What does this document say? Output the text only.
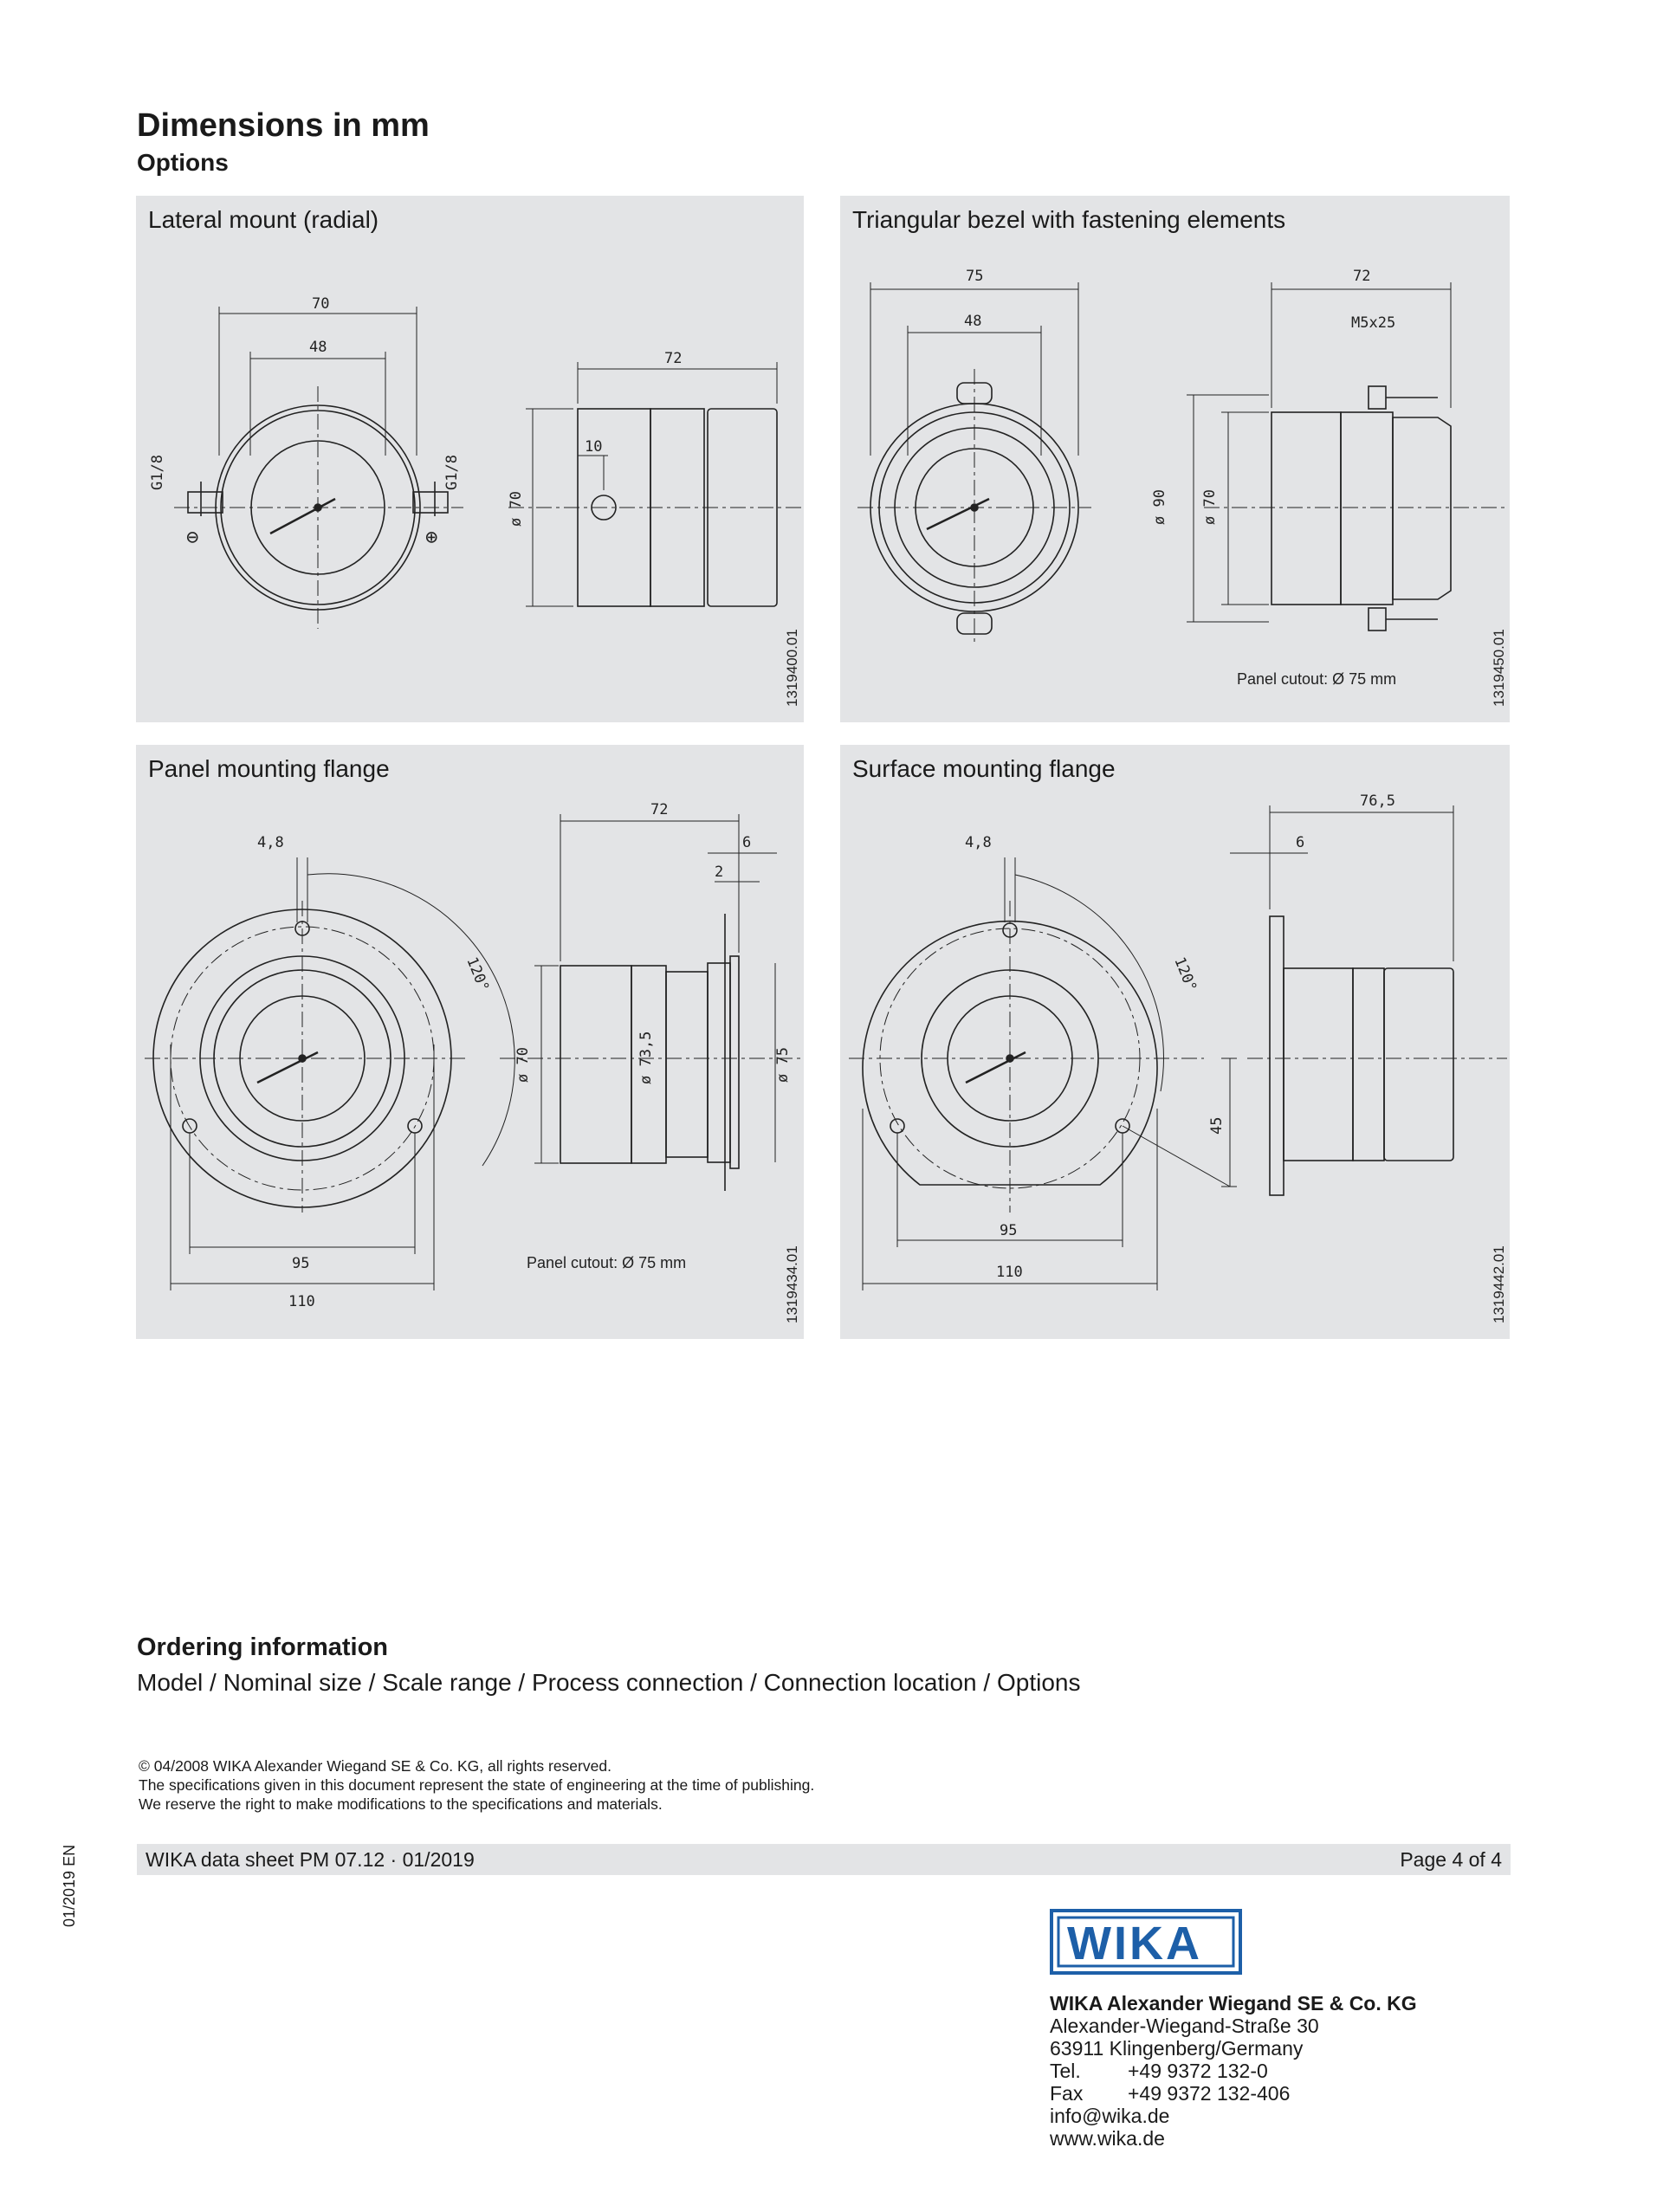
Dimensions in mm
Options
Lateral mount (radial)
70
48
72
10
G1/8	G1/8
ø 70
⊖	⊕
1319400.01
Triangular bezel with fastening elements
75
48
72
M5x25
ø 90 ø 70
Panel cutout: Ø 75 mm	1319450.01
Panel mounting flange
4,8
120°
95
110
72
6
2
ø 70	ø 73,5	ø 75
Panel cutout: Ø 75 mm	1319434.01
Surface mounting flange
4,8
120°
95
110
76,5
6
45
1319442.01
Ordering information
Model / Nominal size / Scale range / Process connection / Connection location / Options
© 04/2008 WIKA Alexander Wiegand SE & Co. KG, all rights reserved.
The specifications given in this document represent the state of engineering at the time of publishing.
We reserve the right to make modifications to the specifications and materials.
WIKA data sheet PM 07.12 · 01/2019	Page 4 of 4
01/2019 EN
WIKA
WIKA Alexander Wiegand SE & Co. KG
Alexander-Wiegand-Straße 30
63911 Klingenberg/Germany
Tel. +49 9372 132-0
Fax +49 9372 132-406
info@wika.de
www.wika.de
